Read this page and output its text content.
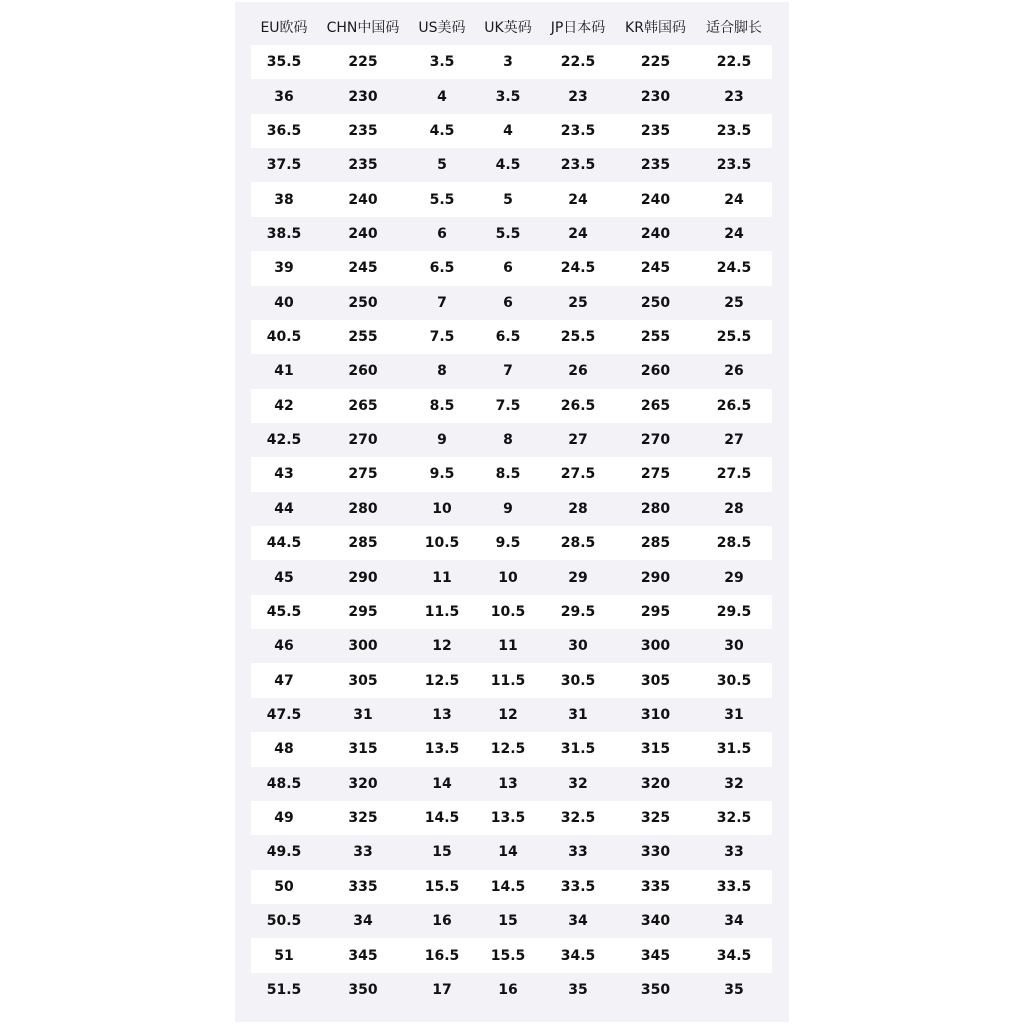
EU欧码	CHN中国码	US美码	UK英码	JP日本码	KR韩国码	适合脚长
35.5	225	3.5	3	22.5	225	22.5
36	230	4	3.5	23	230	23
36.5	235	4.5	4	23.5	235	23.5
37.5	235	5	4.5	23.5	235	23.5
38	240	5.5	5	24	240	24
38.5	240	6	5.5	24	240	24
39	245	6.5	6	24.5	245	24.5
40	250	7	6	25	250	25
40.5	255	7.5	6.5	25.5	255	25.5
41	260	8	7	26	260	26
42	265	8.5	7.5	26.5	265	26.5
42.5	270	9	8	27	270	27
43	275	9.5	8.5	27.5	275	27.5
44	280	10	9	28	280	28
44.5	285	10.5	9.5	28.5	285	28.5
45	290	11	10	29	290	29
45.5	295	11.5	10.5	29.5	295	29.5
46	300	12	11	30	300	30
47	305	12.5	11.5	30.5	305	30.5
47.5	31	13	12	31	310	31
48	315	13.5	12.5	31.5	315	31.5
48.5	320	14	13	32	320	32
49	325	14.5	13.5	32.5	325	32.5
49.5	33	15	14	33	330	33
50	335	15.5	14.5	33.5	335	33.5
50.5	34	16	15	34	340	34
51	345	16.5	15.5	34.5	345	34.5
51.5	350	17	16	35	350	35
